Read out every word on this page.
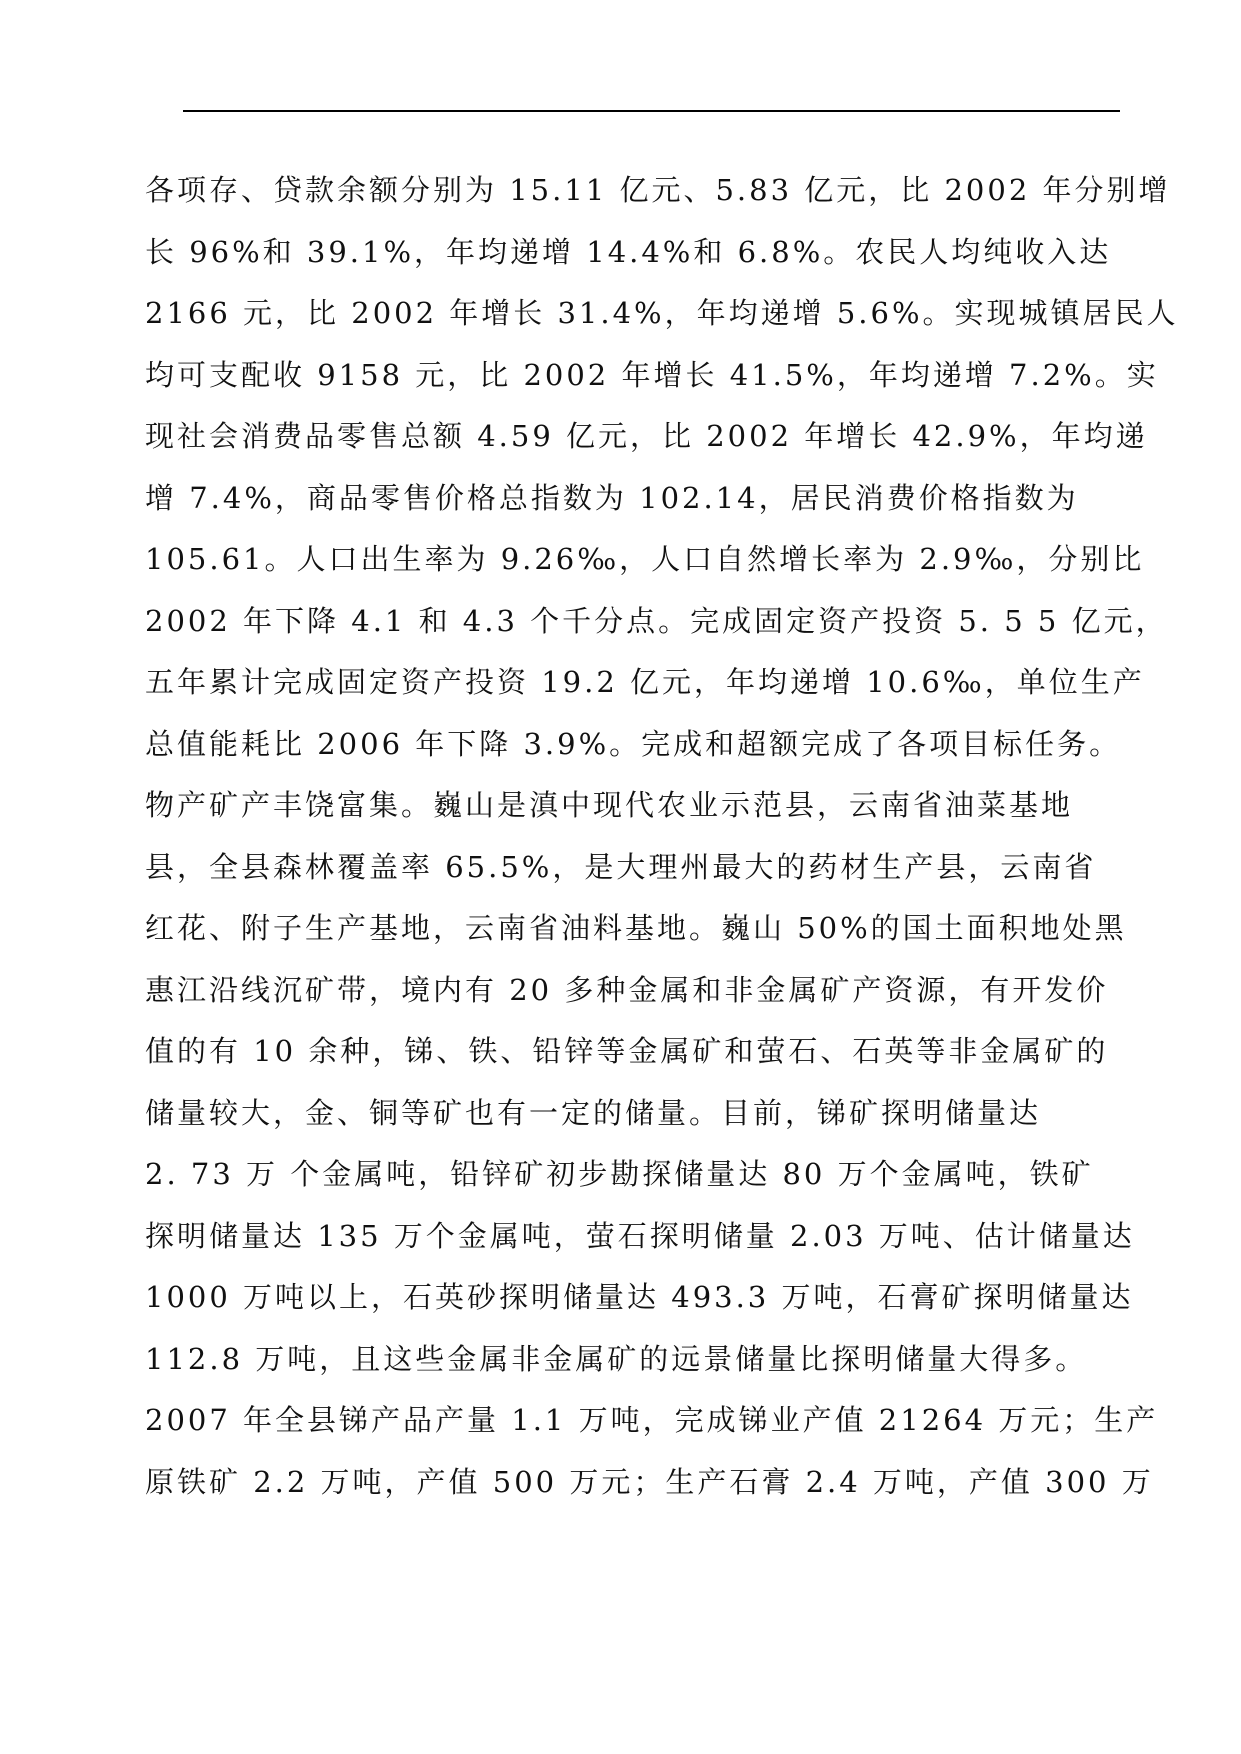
各项存、贷款余额分别为 15.11 亿元、5.83 亿元，比 2002 年分别增
长 96%和 39.1%，年均递增 14.4%和 6.8%。农民人均纯收入达
2166 元，比 2002 年增长 31.4%，年均递增 5.6%。实现城镇居民人
均可支配收 9158 元，比 2002 年增长 41.5%，年均递增 7.2%。实
现社会消费品零售总额 4.59 亿元，比 2002 年增长 42.9%，年均递
增 7.4%，商品零售价格总指数为 102.14，居民消费价格指数为
105.61。人口出生率为 9.26‰，人口自然增长率为 2.9‰，分别比
2002 年下降 4.1 和 4.3 个千分点。完成固定资产投资 5. 5 5 亿元，
五年累计完成固定资产投资 19.2 亿元，年均递增 10.6‰，单位生产
总值能耗比 2006 年下降 3.9%。完成和超额完成了各项目标任务。
物产矿产丰饶富集。巍山是滇中现代农业示范县，云南省油菜基地
县，全县森林覆盖率 65.5%，是大理州最大的药材生产县，云南省
红花、附子生产基地，云南省油料基地。巍山 50%的国土面积地处黑
惠江沿线沉矿带，境内有 20 多种金属和非金属矿产资源，有开发价
值的有 10 余种，锑、铁、铅锌等金属矿和萤石、石英等非金属矿的
储量较大，金、铜等矿也有一定的储量。目前，锑矿探明储量达
2. 73 万 个金属吨，铅锌矿初步勘探储量达 80 万个金属吨，铁矿
探明储量达 135 万个金属吨，萤石探明储量 2.03 万吨、估计储量达
1000 万吨以上，石英砂探明储量达 493.3 万吨，石膏矿探明储量达
112.8 万吨，且这些金属非金属矿的远景储量比探明储量大得多。
2007 年全县锑产品产量 1.1 万吨，完成锑业产值 21264 万元；生产
原铁矿 2.2 万吨，产值 500 万元；生产石膏 2.4 万吨，产值 300 万
